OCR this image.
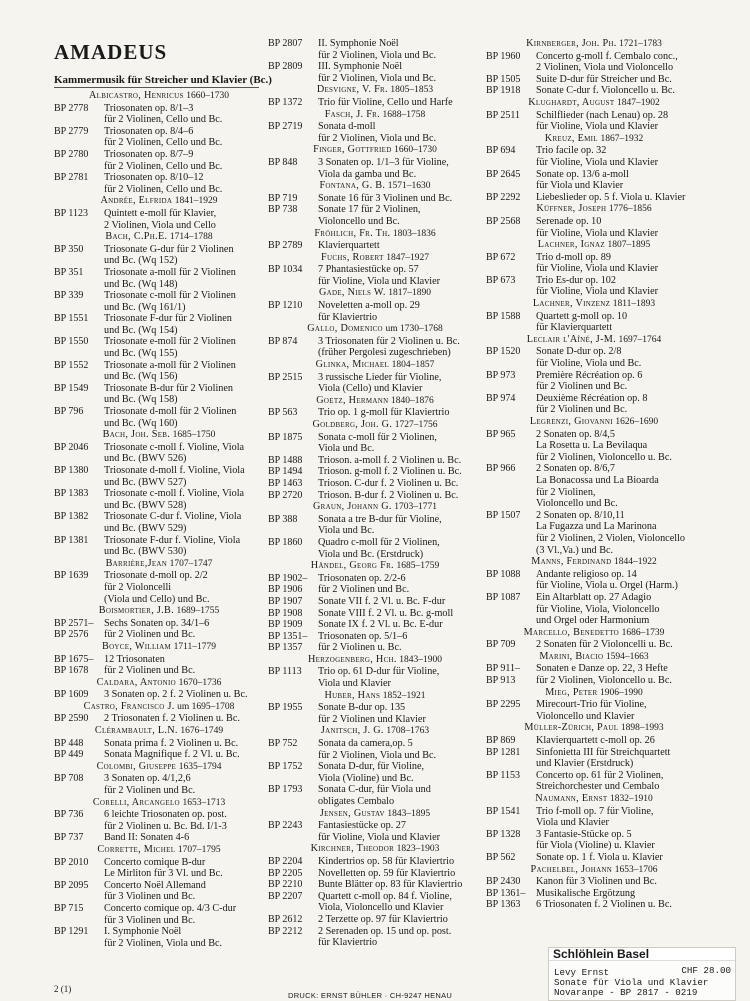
AMADEUS
Kammermusik für Streicher und Klavier (Bc.)
Albicastro, Henricus 1660–1730
BP 2778	Triosonaten op. 8/1–3
für 2 Violinen, Cello und Bc.
BP 2779	Triosonaten op. 8/4–6
für 2 Violinen, Cello und Bc.
BP 2780	Triosonaten op. 8/7–9
für 2 Violinen, Cello und Bc.
BP 2781	Triosonaten op. 8/10–12
für 2 Violinen, Cello und Bc.
Andrée, Elfrida 1841–1929
BP 1123	Quintett e-moll für Klavier,
2 Violinen, Viola und Cello
Bach, C.Ph.E. 1714–1788
BP 350	Triosonate G-dur für 2 Violinen
und Bc. (Wq 152)
BP 351	Triosonate a-moll für 2 Violinen
und Bc. (Wq 148)
BP 339	Triosonate c-moll für 2 Violinen
und Bc. (Wq 161/1)
BP 1551	Triosonate F-dur für 2 Violinen
und Bc. (Wq 154)
BP 1550	Triosonate e-moll für 2 Violinen
und Bc. (Wq 155)
BP 1552	Triosonate a-moll für 2 Violinen
und Bc. (Wq 156)
BP 1549	Triosonate B-dur für 2 Violinen
und Bc. (Wq 158)
BP 796	Triosonate d-moll für 2 Violinen
und Bc. (Wq 160)
Bach, Joh. Seb. 1685–1750
BP 2046	Triosonate c-moll f. Violine, Viola
und Bc. (BWV 526)
BP 1380	Triosonate d-moll f. Violine, Viola
und Bc. (BWV 527)
BP 1383	Triosonate c-moll f. Violine, Viola
und Bc. (BWV 528)
BP 1382	Triosonate C-dur f. Violine, Viola
und Bc. (BWV 529)
BP 1381	Triosonate F-dur f. Violine, Viola
und Bc. (BWV 530)
Barrière,Jean 1707–1747
BP 1639	Triosonate d-moll op. 2/2
für 2 Violoncelli
(Viola und Cello) und Bc.
Boismortier, J.B. 1689–1755
BP 2571–	Sechs Sonaten op. 34/1–6
BP 2576	für 2 Violinen und Bc.
Boyce, William 1711–1779
BP 1675–	12 Triosonaten
BP 1678	für 2 Violinen und Bc.
Caldara, Antonio 1670–1736
BP 1609	3 Sonaten op. 2 f. 2 Violinen u. Bc.
Castro, Francisco J. um 1695–1708
BP 2590	2 Triosonaten f. 2 Violinen u. Bc.
Clérambault, L.N. 1676–1749
BP 448	Sonata prima f. 2 Violinen u. Bc.
BP 449	Sonata Magnifique f. 2 Vl. u. Bc.
Colombi, Giuseppe 1635–1794
BP 708	3 Sonaten op. 4/1,2,6
für 2 Violinen und Bc.
Corelli, Arcangelo 1653–1713
BP 736	6 leichte Triosonaten op. post.
für 2 Violinen u. Bc. Bd. I/1-3
BP 737	Band II: Sonaten 4-6
Corrette, Michel 1707–1795
BP 2010	Concerto comique B-dur
Le Mirliton für 3 Vl. und Bc.
BP 2095	Concerto Noël Allemand
für 3 Violinen und Bc.
BP 715	Concerto comique op. 4/3 C-dur
für 3 Violinen und Bc.
BP 1291	I. Symphonie Noël
für 2 Violinen, Viola und Bc.
BP 2807	II. Symphonie Noël
für 2 Violinen, Viola und Bc.
BP 2809	III. Symphonie Noël
für 2 Violinen, Viola und Bc.
Desvigne, V. Fr. 1805–1853
BP 1372	Trio für Violine, Cello und Harfe
Fasch, J. Fr. 1688–1758
BP 2719	Sonata d-moll
für 2 Violinen, Viola und Bc.
Finger, Gottfried 1660–1730
BP 848	3 Sonaten op. 1/1–3 für Violine,
Viola da gamba und Bc.
Fontana, G. B. 1571–1630
BP 719	Sonate 16 für 3 Violinen und Bc.
BP 738	Sonate 17 für 2 Violinen,
Violoncello und Bc.
Fröhlich, Fr. Th. 1803–1836
BP 2789	Klavierquartett
Fuchs, Robert 1847–1927
BP 1034	7 Phantasiestücke op. 57
für Violine, Viola und Klavier
Gade, Niels W. 1817–1890
BP 1210	Noveletten a-moll op. 29
für Klaviertrio
Gallo, Domenico um 1730–1768
BP 874	3 Triosonaten für 2 Violinen u. Bc.
(früher Pergolesi zugeschrieben)
Glinka, Michael 1804–1857
BP 2515	3 russische Lieder für Violine,
Viola (Cello) und Klavier
Goetz, Hermann 1840–1876
BP 563	Trio op. 1 g-moll für Klaviertrio
Goldberg, Joh. G. 1727–1756
BP 1875	Sonata c-moll für 2 Violinen,
Viola und Bc.
BP 1488	Trioson. a-moll f. 2 Violinen u. Bc.
BP 1494	Trioson. g-moll f. 2 Violinen u. Bc.
BP 1463	Trioson. C-dur f. 2 Violinen u. Bc.
BP 2720	Trioson. B-dur f. 2 Violinen u. Bc.
Graun, Johann G. 1703–1771
BP 388	Sonata a tre B-dur für Violine,
Viola und Bc.
BP 1860	Quadro c-moll für 2 Violinen,
Viola und Bc. (Erstdruck)
Händel, Georg Fr. 1685–1759
BP 1902–	Triosonaten op. 2/2-6
BP 1906	für 2 Violinen und Bc.
BP 1907	Sonate VII f. 2 Vl. u. Bc. F-dur
BP 1908	Sonate VIII f. 2 Vl. u. Bc. g-moll
BP 1909	Sonate IX f. 2 Vl. u. Bc. E-dur
BP 1351–	Triosonaten op. 5/1–6
BP 1357	für 2 Violinen u. Bc.
Herzogenberg, Hch. 1843–1900
BP 1113	Trio op. 61 D-dur für Violine,
Viola und Klavier
Huber, Hans 1852–1921
BP 1955	Sonate B-dur op. 135
für 2 Violinen und Klavier
Janitsch, J. G. 1708–1763
BP 752	Sonata da camera,op. 5
für 2 Violinen, Viola und Bc.
BP 1752	Sonata D-dur, für Violine,
Viola (Violine) und Bc.
BP 1793	Sonata C-dur, für Viola und
obligates Cembalo
Jensen, Gustav 1843–1895
BP 2243	Fantasiestücke op. 27
für Violine, Viola und Klavier
Kirchner, Theodor 1823–1903
BP 2204	Kindertrios op. 58 für Klaviertrio
BP 2205	Novelletten op. 59 für Klaviertrio
BP 2210	Bunte Blätter op. 83 für Klaviertrio
BP 2207	Quartett c-moll op. 84 f. Violine,
Viola, Violoncello und Klavier
BP 2612	2 Terzette op. 97 für Klaviertrio
BP 2212	2 Serenaden op. 15 und op. post.
für Klaviertrio
Kirnberger, Joh. Ph. 1721–1783
BP 1960	Concerto g-moll f. Cembalo conc.,
2 Violinen, Viola und Violoncello
BP 1505	Suite D-dur für Streicher und Bc.
BP 1918	Sonate C-dur f. Violoncello u. Bc.
Klughardt, August 1847–1902
BP 2511	Schilflieder (nach Lenau) op. 28
für Violine, Viola und Klavier
Kreuz, Emil 1867–1932
BP 694	Trio facile op. 32
für Violine, Viola und Klavier
BP 2645	Sonate op. 13/6 a-moll
für Viola und Klavier
BP 2292	Liebeslieder op. 5 f. Viola u. Klavier
Küffner, Joseph 1776–1856
BP 2568	Serenade op. 10
für Violine, Viola und Klavier
Lachner, Ignaz 1807–1895
BP 672	Trio d-moll op. 89
für Violine, Viola und Klavier
BP 673	Trio Es-dur op. 102
für Violine, Viola und Klavier
Lachner, Vinzenz 1811–1893
BP 1588	Quartett g-moll op. 10
für Klavierquartett
Leclair l'Aîné, J-M. 1697–1764
BP 1520	Sonate D-dur op. 2/8
für Violine, Viola und Bc.
BP 973	Première Récréation op. 6
für 2 Violinen und Bc.
BP 974	Deuxième Récréation op. 8
für 2 Violinen und Bc.
Legrenzi, Giovanni 1626–1690
BP 965	2 Sonaten op. 8/4,5
La Rosetta u. La Bevilaqua
für 2 Violinen, Violoncello u. Bc.
BP 966	2 Sonaten op. 8/6,7
La Bonacossa und La Bioarda
für 2 Violinen,
Violoncello und Bc.
BP 1507	2 Sonaten op. 8/10,11
La Fugazza und La Marinona
für 2 Violinen, 2 Violen, Violoncello
(3 Vl.,Va.) und Bc.
Manns, Ferdinand 1844–1922
BP 1088	Andante religioso op. 14
für Violine, Viola u. Orgel (Harm.)
BP 1087	Ein Altarblatt op. 27 Adagio
für Violine, Viola, Violoncello
und Orgel oder Harmonium
Marcello, Benedetto 1686–1739
BP 709	2 Sonaten für 2 Violoncelli u. Bc.
Marini, Biacio 1594–1663
BP 911–	Sonaten e Danze op. 22, 3 Hefte
BP 913	für 2 Violinen, Violoncello u. Bc.
Mieg, Peter 1906–1990
BP 2295	Mirecourt-Trio für Violine,
Violoncello und Klavier
Müller-Zürich, Paul 1898–1993
BP 869	Klavierquartett c-moll op. 26
BP 1281	Sinfonietta III für Streichquartett
und Klavier (Erstdruck)
BP 1153	Concerto op. 61 für 2 Violinen,
Streichorchester und Cembalo
Naumann, Ernst 1832–1910
BP 1541	Trio f-moll op. 7 für Violine,
Viola und Klavier
BP 1328	3 Fantasie-Stücke op. 5
für Viola (Violine) u. Klavier
BP 562	Sonate op. 1 f. Viola u. Klavier
Pachelbel, Johann 1653–1706
BP 2430	Kanon für 3 Violinen und Bc.
BP 1361–	Musikalische Ergötzung
BP 1363	6 Triosonaten f. 2 Violinen u. Bc.
2 (1)
DRUCK: ERNST BÜHLER · CH-9247 HENAU
Schlöhlein Basel
Levy Ernst
Sonate für Viola und Klavier
Novaranpe - BP 2817 - 0219
CHF 28.00
